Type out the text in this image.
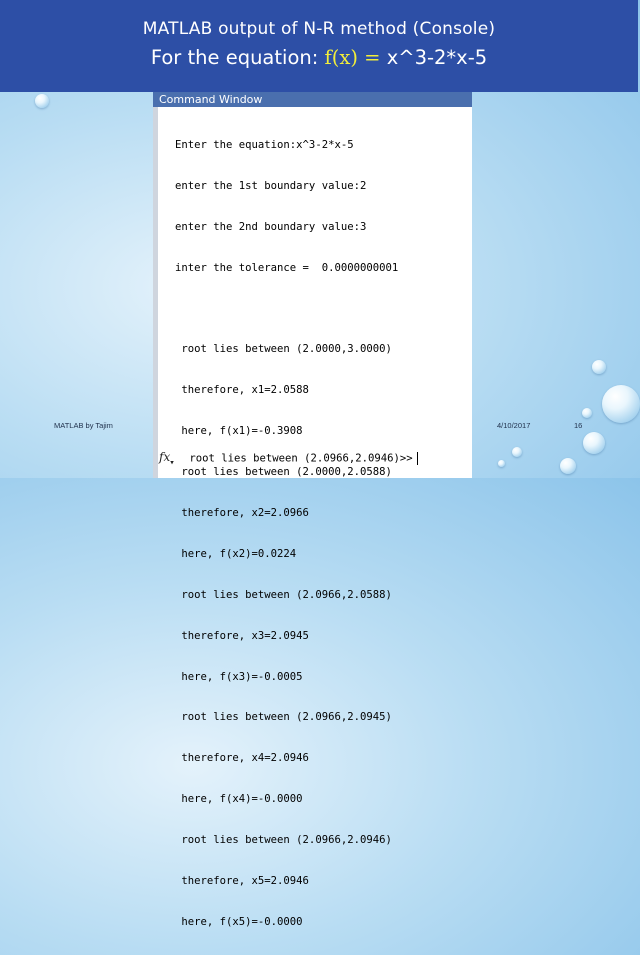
MATLAB output of N-R method (Console)
For the equation: f(x) = x^3-2*x-5
Command Window

Enter the equation:x^3-2*x-5

enter the 1st boundary value:2

enter the 2nd boundary value:3

inter the tolerance =  0.0000000001

root lies between (2.0000,3.0000)

therefore, x1=2.0588

here, f(x1)=-0.3908

root lies between (2.0000,2.0588)

therefore, x2=2.0966

here, f(x2)=0.0224

root lies between (2.0966,2.0588)

therefore, x3=2.0945

here, f(x3)=-0.0005

root lies between (2.0966,2.0945)

therefore, x4=2.0946

here, f(x4)=-0.0000

root lies between (2.0966,2.0946)

therefore, x5=2.0946

here, f(x5)=-0.0000

$fx_▾$ root lies between (2.0966,2.0946)>>
MATLAB by Tajim	4/10/2017	16
